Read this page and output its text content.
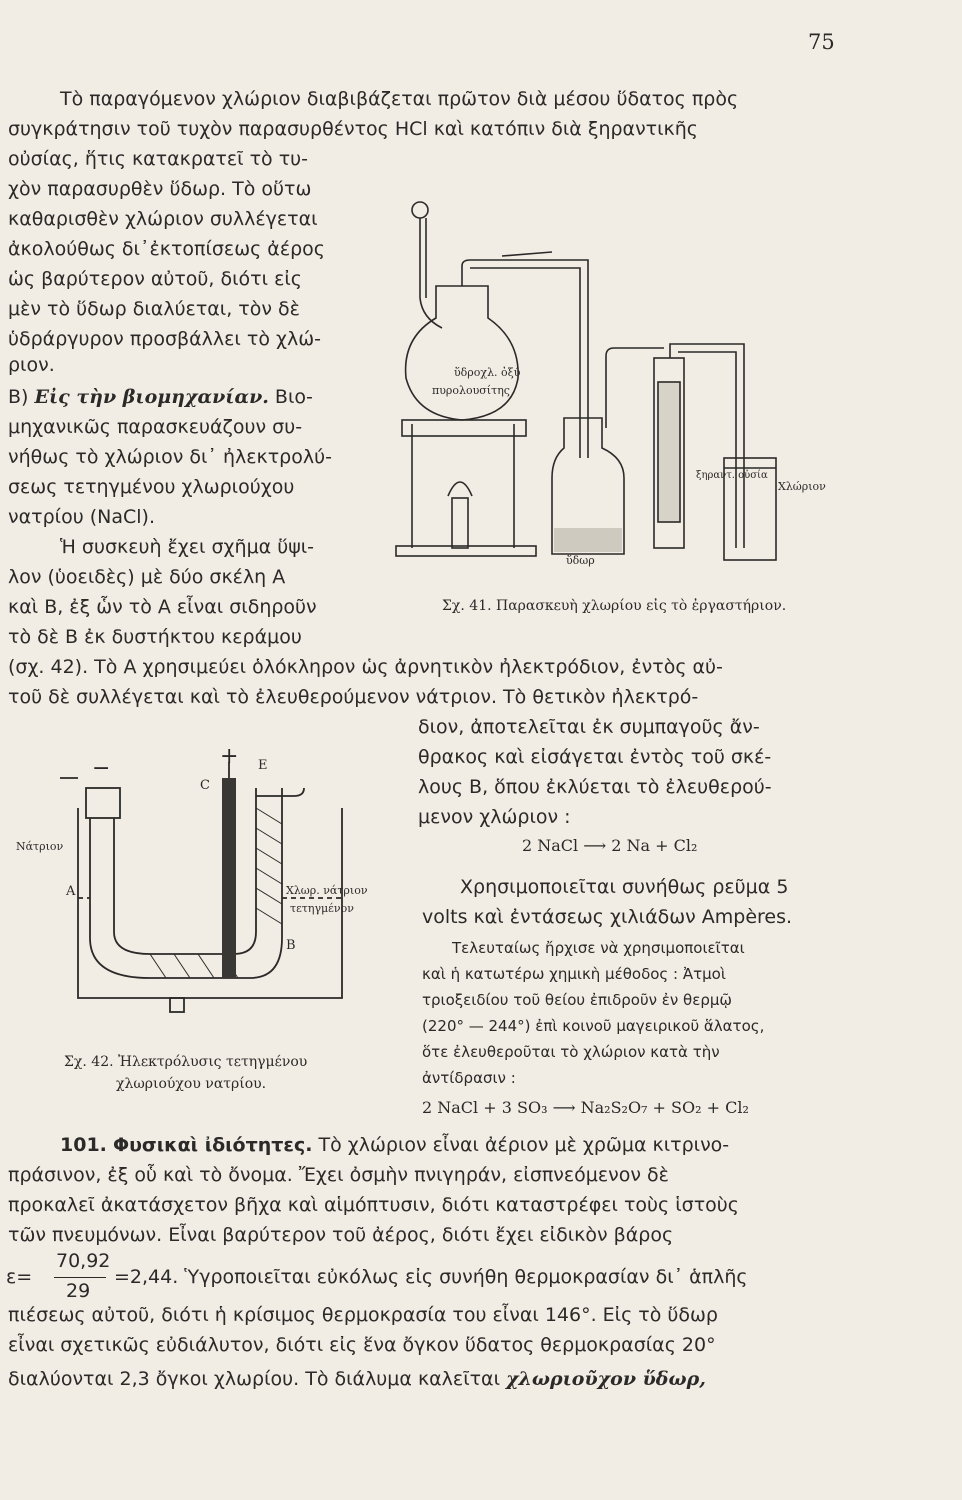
75
Τὸ παραγόμενον χλώριον διαβιβάζεται πρῶτον διὰ μέσου ὕδατος πρὸς
συγκράτησιν τοῦ τυχὸν παρασυρθέντος HCl καὶ κατόπιν διὰ ξηραντικῆς
οὐσίας, ἥτις κατακρατεῖ τὸ τυ-
χὸν παρασυρθὲν ὕδωρ. Τὸ οὕτω
καθαρισθὲν χλώριον συλλέγεται
ἀκολούθως δι᾽ἐκτοπίσεως ἀέρος
ὡς βαρύτερον αὐτοῦ, διότι εἰς
μὲν τὸ ὕδωρ διαλύεται, τὸν δὲ
ὑδράργυρον προσβάλλει τὸ χλώ-
ριον.
Β) Εἰς τὴν βιομηχανίαν. Βιο-
μηχανικῶς παρασκευάζουν συ-
νήθως τὸ χλώριον δι᾽ ἠλεκτρολύ-
σεως τετηγμένου χλωριούχου
νατρίου (NaCl).
Ἡ συσκευὴ ἔχει σχῆμα ὕψι-
λον (ὑοειδὲς) μὲ δύο σκέλη Α
καὶ Β, ἐξ ὧν τὸ Α εἶναι σιδηροῦν
τὸ δὲ Β ἐκ δυστήκτου κεράμου
(σχ. 42). Τὸ Α χρησιμεύει ὁλόκληρον ὡς ἀρνητικὸν ἠλεκτρόδιον, ἐντὸς αὐ-
τοῦ δὲ συλλέγεται καὶ τὸ ἐλευθερούμενον νάτριον. Τὸ θετικὸν ἠλεκτρό-
διον, ἀποτελεῖται ἐκ συμπαγοῦς ἄν-
θρακος καὶ εἰσάγεται ἐντὸς τοῦ σκέ-
λους Β, ὅπου ἐκλύεται τὸ ἐλευθερού-
μενον χλώριον :
2 NaCl ⟶ 2 Na + Cl₂
Χρησιμοποιεῖται συνήθως ρεῦμα 5
volts καὶ ἐντάσεως χιλιάδων Ampères.
Τελευταίως ἤρχισε νὰ χρησιμοποιεῖται
καὶ ἡ κατωτέρω χημικὴ μέθοδος : Ἀτμοὶ
τριοξειδίου τοῦ θείου ἐπιδροῦν ἐν θερμῷ
(220° — 244°) ἐπὶ κοινοῦ μαγειρικοῦ ἅλατος,
ὅτε ἐλευθεροῦται τὸ χλώριον κατὰ τὴν
ἀντίδρασιν :
2 NaCl + 3 SO₃ ⟶ Na₂S₂O₇ + SO₂ + Cl₂
101. Φυσικαὶ ἰδιότητες. Τὸ χλώριον εἶναι ἀέριον μὲ χρῶμα κιτρινο-
πράσινον, ἐξ οὗ καὶ τὸ ὄνομα. Ἔχει ὀσμὴν πνιγηράν, εἰσπνεόμενον δὲ
προκαλεῖ ἀκατάσχετον βῆχα καὶ αἱμόπτυσιν, διότι καταστρέφει τοὺς ἱστοὺς
τῶν πνευμόνων. Εἶναι βαρύτερον τοῦ ἀέρος, διότι ἔχει εἰδικὸν βάρος
ε=
70,92
29
=2,44. Ὑγροποιεῖται εὐκόλως εἰς συνήθη θερμοκρασίαν δι᾽ ἁπλῆς
πιέσεως αὐτοῦ, διότι ἡ κρίσιμος θερμοκρασία του εἶναι 146°. Εἰς τὸ ὕδωρ
εἶναι σχετικῶς εὐδιάλυτον, διότι εἰς ἕνα ὄγκον ὕδατος θερμοκρασίας 20°
διαλύονται 2,3 ὄγκοι χλωρίου. Τὸ διάλυμα καλεῖται χλωριοῦχον ὕδωρ,
ὕδροχλ. ὀξύ
πυρολουσίτης
ὕδωρ
ξηραντ. οὐσία
Χλώριον
Σχ. 41. Παρασκευὴ χλωρίου εἰς τὸ ἐργαστήριον.
+
−
C
Ε
Νάτριον
Α
Β
Χλωρ. νάτριον
τετηγμένον
Σχ. 42. Ἠλεκτρόλυσις τετηγμένου
χλωριούχου νατρίου.
